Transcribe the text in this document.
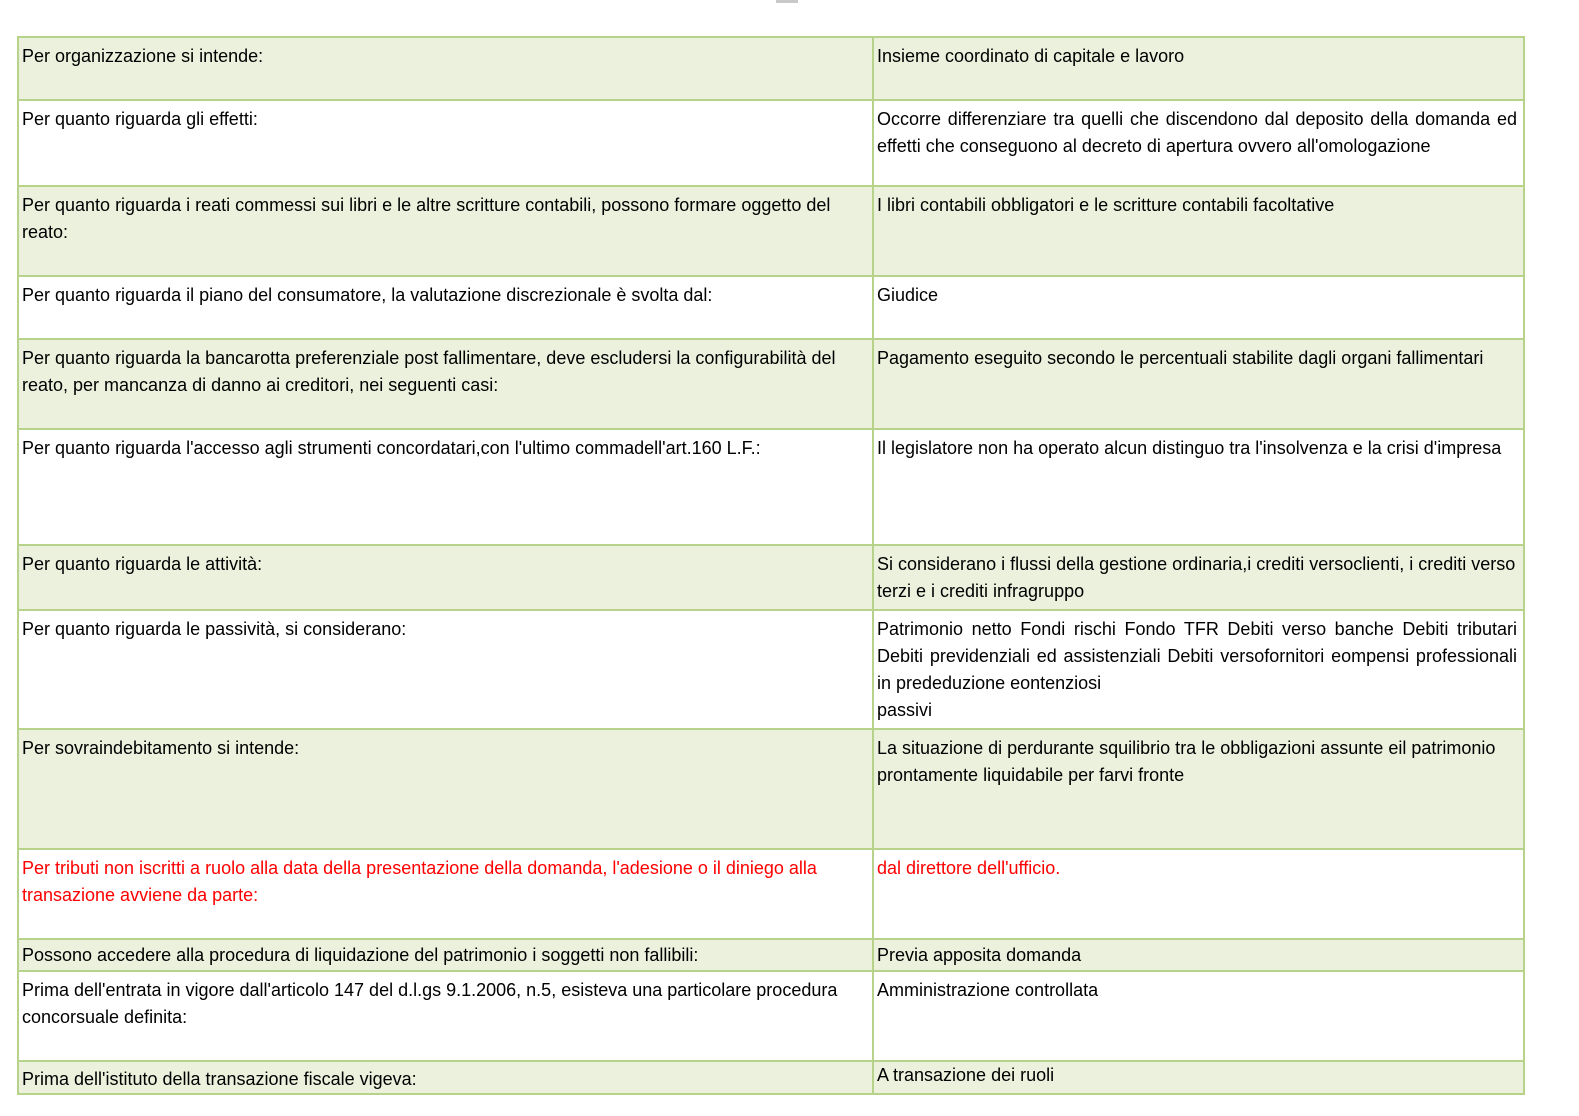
Per organizzazione si intende:	Insieme coordinato di capitale e lavoro
Per quanto riguarda gli effetti:	Occorre differenziare tra quelli che discendono dal deposito della domanda ed effetti che conseguono al decreto di apertura ovvero all'omologazione
Per quanto riguarda i reati commessi sui libri e le altre scritture contabili, possono formare oggetto del reato:	I libri contabili obbligatori e le scritture contabili facoltative
Per quanto riguarda il piano del consumatore, la valutazione discrezionale è svolta dal:	Giudice
Per quanto riguarda la bancarotta preferenziale post fallimentare, deve escludersi la configurabilità del reato, per mancanza di danno ai creditori, nei seguenti casi:	Pagamento eseguito secondo le percentuali stabilite dagli organi fallimentari
Per quanto riguarda l'accesso agli strumenti concordatari,con l'ultimo commadell'art.160 L.F.:	Il legislatore non ha operato alcun distinguo tra l'insolvenza e la crisi d'impresa
Per quanto riguarda le attività:	Si considerano i flussi della gestione ordinaria,i crediti versoclienti, i crediti verso terzi e i crediti infragruppo
Per quanto riguarda le passività, si considerano:	Patrimonio netto Fondi rischi Fondo TFR Debiti verso banche Debiti tributari Debiti previdenziali ed assistenziali Debiti versofornitori eompensi professionali in prededuzione eontenziosi
passivi
Per sovraindebitamento si intende:	La situazione di perdurante squilibrio tra le obbligazioni assunte eil patrimonio prontamente liquidabile per farvi fronte
Per tributi non iscritti a ruolo alla data della presentazione della domanda, l'adesione o il diniego alla transazione avviene da parte:	dal direttore dell'ufficio.
Possono accedere alla procedura di liquidazione del patrimonio i soggetti non fallibili:	Previa apposita domanda
Prima dell'entrata in vigore dall'articolo 147 del d.l.gs 9.1.2006, n.5, esisteva una particolare procedura concorsuale definita:	Amministrazione controllata
Prima dell'istituto della transazione fiscale vigeva:	A transazione dei ruoli
